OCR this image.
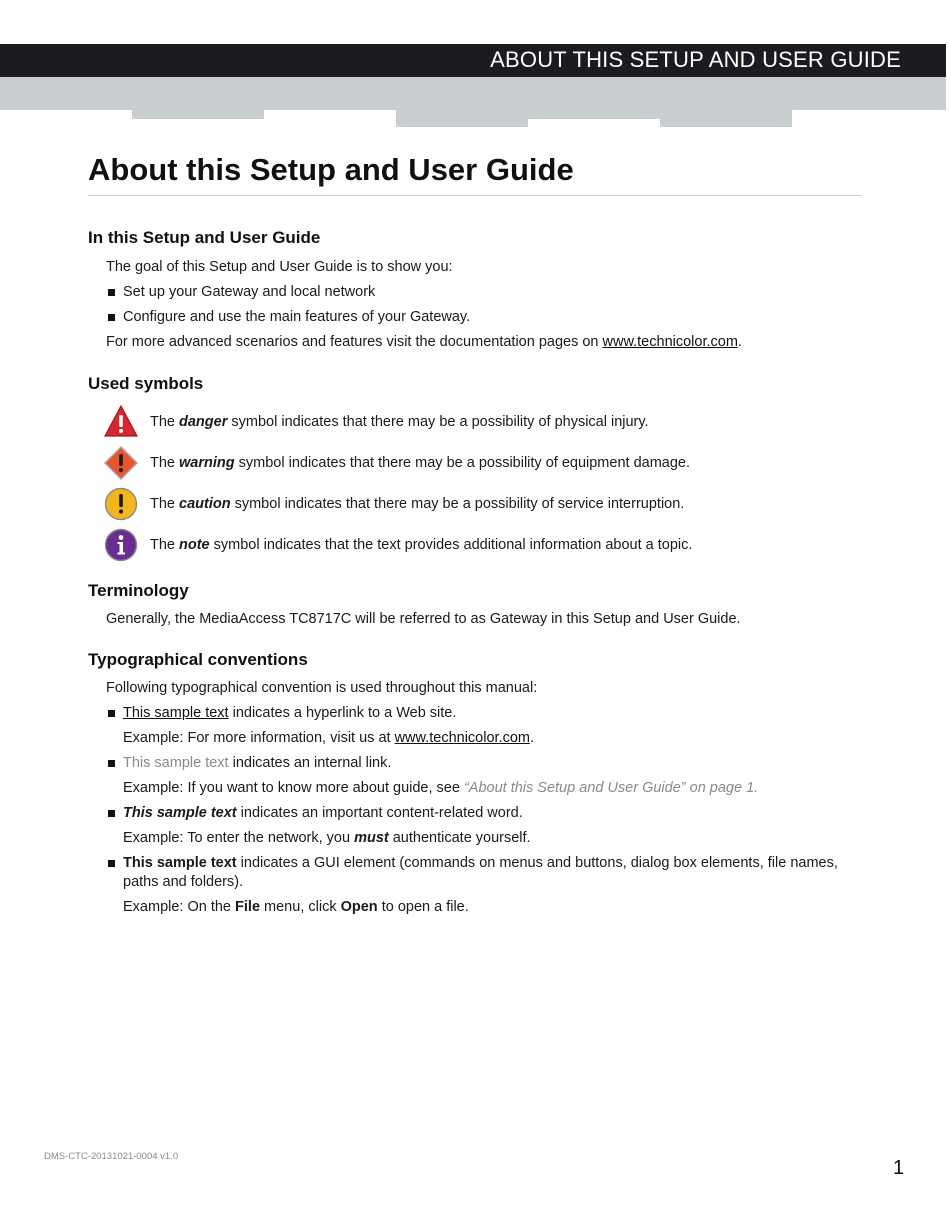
ABOUT THIS SETUP AND USER GUIDE
About this Setup and User Guide
In this Setup and User Guide

The goal of this Setup and User Guide is to show you:

Set up your Gateway and local network

Configure and use the main features of your Gateway.

For more advanced scenarios and features visit the documentation pages on www.technicolor.com.

Used symbols
The danger symbol indicates that there may be a possibility of physical injury.
The warning symbol indicates that there may be a possibility of equipment damage.
The caution symbol indicates that there may be a possibility of service interruption.
The note symbol indicates that the text provides additional information about a topic.
Terminology

Generally, the MediaAccess TC8717C will be referred to as Gateway in this Setup and User Guide.

Typographical conventions

Following typographical convention is used throughout this manual:

This sample text indicates a hyperlink to a Web site.

Example: For more information, visit us at www.technicolor.com.

This sample text indicates an internal link.

Example: If you want to know more about guide, see “About this Setup and User Guide” on page 1.

This sample text indicates an important content-related word.

Example: To enter the network, you must authenticate yourself.

This sample text indicates a GUI element (commands on menus and buttons, dialog box elements, file names, paths and folders).

Example: On the File menu, click Open to open a file.

DMS-CTC-20131021-0004 v1.0
1
